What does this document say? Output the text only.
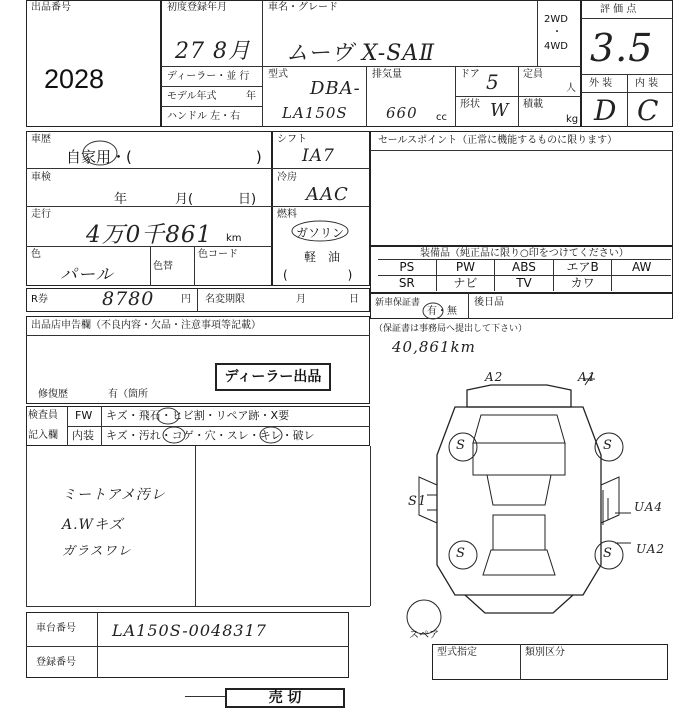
出品番号
2028
初度登録年月
27 8月
車名・グレード
ムーヴ X-SAⅡ
2WD
・
4WD
ディーラー・並 行
モデル年式	年
ハンドル 左・右
型式
DBA-
LA150S
排気量
660 cc
ドア 5 定員
人
形状 W 積載
kg
評 価 点
3.5
外 装 内 装
D C
車歴
自家用・(                          )
車検
年	月(	日)
走行
4万0千861 km
色
パール	色替
色コード
シフト
IA7
冷房
AAC
燃料
ガソリン
軽　油
(　　　　　)
セールスポイント（正常に機能するものに限ります）
装備品（純正品に限り○印をつけてください）
PS	PW	ABS	エアB	AW
SR	ナビ	TV	カワ
R券	8780	円 名変期限	月	日 新車保証書
有・無
後日品
（保証書は事務局へ提出して下さい）
出品店申告欄（不良内容・欠品・注意事項等記載）
修復歴	有（箇所
ディーラー出品
検査員
記入欄
FW キズ・飛石・ヒビ割・リペア跡・X要
内装 キズ・汚れ・コゲ・穴・スレ・キレ・破レ
ミートアメ汚レ
A.Wキズ
ガラスワレ
40,861km
A2	A1
S1	UA4
UA2
S	S
S	S
スペア
車台番号 LA150S-0048317
登録番号
型式指定	類別区分
売 切
